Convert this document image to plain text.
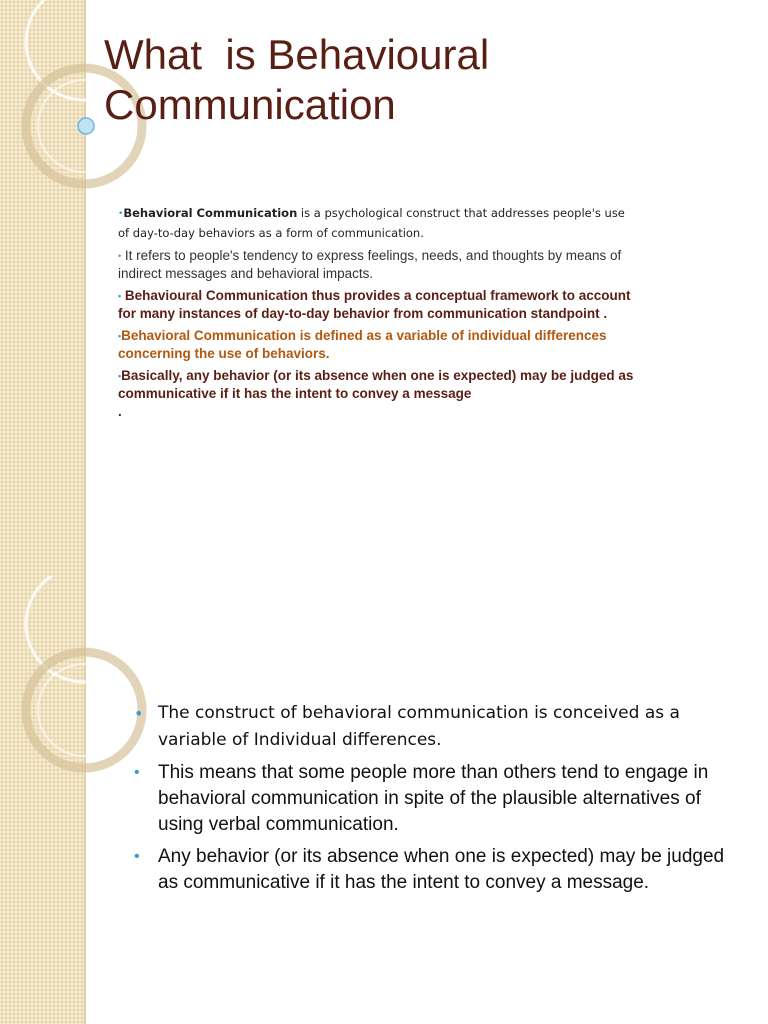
What  is Behavioural
Communication
•Behavioral Communication is a psychological construct that addresses people's use of day-to-day behaviors as a form of communication.
• It refers to people's tendency to express feelings, needs, and thoughts by means of indirect messages and behavioral impacts.
• Behavioural Communication thus provides a conceptual framework to account for many instances of day-to-day behavior from communication standpoint .
•Behavioral Communication is defined as a variable of individual differences concerning the use of behaviors.
•Basically, any behavior (or its absence when one is expected) may be judged as communicative if it has the intent to convey a message
.
• The construct of behavioral communication is conceived as a variable of Individual differences.
• This means that some people more than others tend to engage in behavioral communication in spite of the plausible alternatives of using verbal communication.
• Any behavior (or its absence when one is expected) may be judged as communicative if it has the intent to convey a message.
